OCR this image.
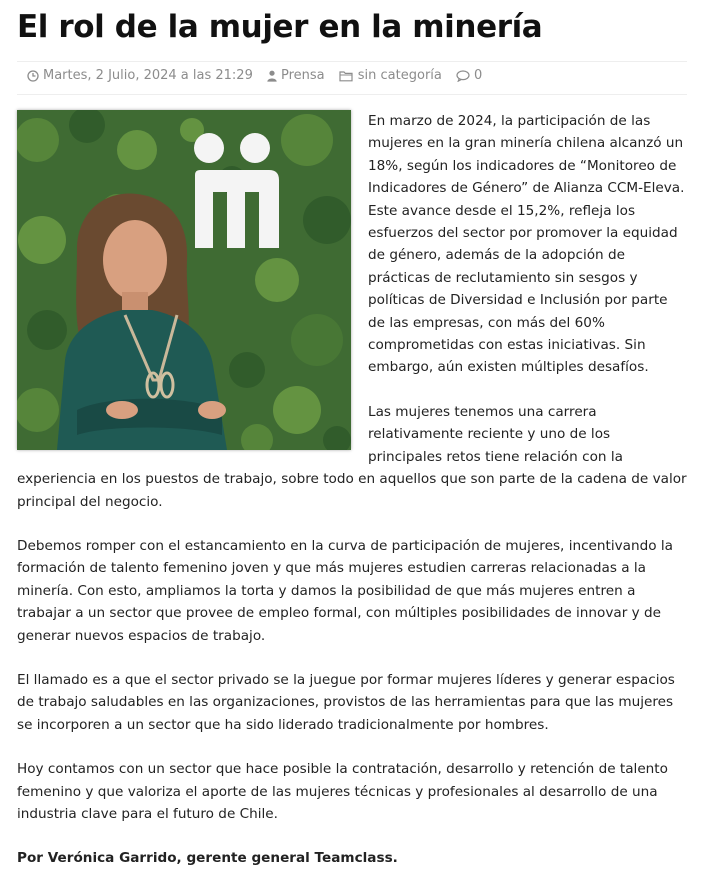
El rol de la mujer en la minería
Martes, 2 Julio, 2024 a las 21:29
Prensa
	sin categoría
0

En marzo de 2024, la participación de las mujeres en la gran minería chilena alcanzó un 18%, según los indicadores de “Monitoreo de Indicadores de Género” de Alianza CCM-Eleva. Este avance desde el 15,2%, refleja los esfuerzos del sector por promover la equidad de género, además de la adopción de prácticas de reclutamiento sin sesgos y políticas de Diversidad e Inclusión por parte de las empresas, con más del 60% comprometidas con estas iniciativas. Sin embargo, aún existen múltiples desafíos.

Las mujeres tenemos una carrera relativamente reciente y uno de los principales retos tiene relación con la experiencia en los puestos de trabajo, sobre todo en aquellos que son parte de la cadena de valor principal del negocio.

Debemos romper con el estancamiento en la curva de participación de mujeres, incentivando la formación de talento femenino joven y que más mujeres estudien carreras relacionadas a la minería. Con esto, ampliamos la torta y damos la posibilidad de que más mujeres entren a trabajar a un sector que provee de empleo formal, con múltiples posibilidades de innovar y de generar nuevos espacios de trabajo.

El llamado es a que el sector privado se la juegue por formar mujeres líderes y generar espacios de trabajo saludables en las organizaciones, provistos de las herramientas para que las mujeres se incorporen a un sector que ha sido liderado tradicionalmente por hombres.

Hoy contamos con un sector que hace posible la contratación, desarrollo y retención de talento femenino y que valoriza el aporte de las mujeres técnicas y profesionales al desarrollo de una industria clave para el futuro de Chile.

Por Verónica Garrido, gerente general Teamclass.
